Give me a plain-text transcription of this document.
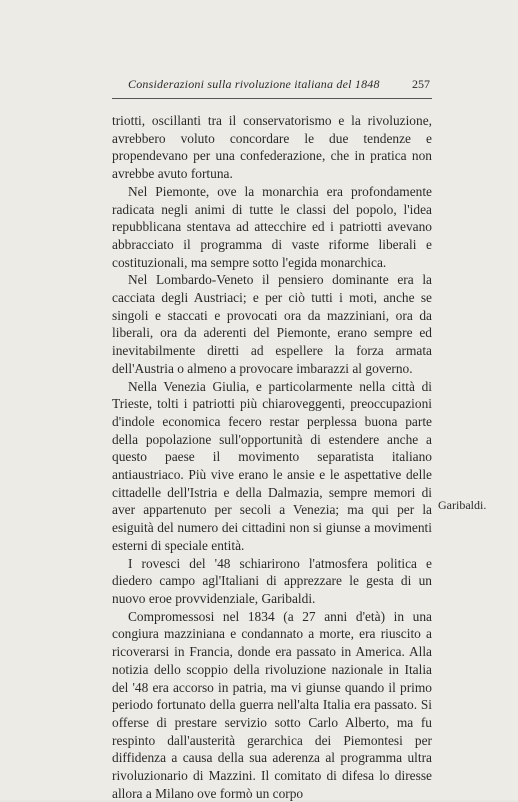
Considerazioni sulla rivoluzione italiana del 1848	257

triotti, oscillanti tra il conservatorismo e la rivoluzione, avrebbero voluto concordare le due tendenze e propendevano per una confederazione, che in pratica non avrebbe avuto fortuna.

Nel Piemonte, ove la monarchia era profondamente radicata negli animi di tutte le classi del popolo, l'idea repubblicana stentava ad attecchire ed i patriotti avevano abbracciato il programma di vaste riforme liberali e costituzionali, ma sempre sotto l'egida monarchica.

Nel Lombardo-Veneto il pensiero dominante era la cacciata degli Austriaci; e per ciò tutti i moti, anche se singoli e staccati e provocati ora da mazziniani, ora da liberali, ora da aderenti del Piemonte, erano sempre ed inevitabilmente diretti ad espellere la forza armata dell'Austria o almeno a provocare imbarazzi al governo.

Nella Venezia Giulia, e particolarmente nella città di Trieste, tolti i patriotti più chiaroveggenti, preoccupazioni d'indole economica fecero restar perplessa buona parte della popolazione sull'opportunità di estendere anche a questo paese il movimento separatista italiano antiaustriaco. Più vive erano le ansie e le aspettative delle cittadelle dell'Istria e della Dalmazia, sempre memori di aver appartenuto per secoli a Venezia; ma qui per la esiguità del numero dei cittadini non si giunse a movimenti esterni di speciale entità.

I rovesci del '48 schiarirono l'atmosfera politica e diedero campo agl'Italiani di apprezzare le gesta di un nuovo eroe provvidenziale, Garibaldi.

Compromessosi nel 1834 (a 27 anni d'età) in una congiura mazziniana e condannato a morte, era riuscito a ricoverarsi in Francia, donde era passato in America. Alla notizia dello scoppio della rivoluzione nazionale in Italia del '48 era accorso in patria, ma vi giunse quando il primo periodo fortunato della guerra nell'alta Italia era passato. Si offerse di prestare servizio sotto Carlo Alberto, ma fu respinto dall'austerità gerarchica dei Piemontesi per diffidenza a causa della sua aderenza al programma ultra rivoluzionario di Mazzini. Il comitato di difesa lo diresse allora a Milano ove formò un corpo

Garibaldi.
